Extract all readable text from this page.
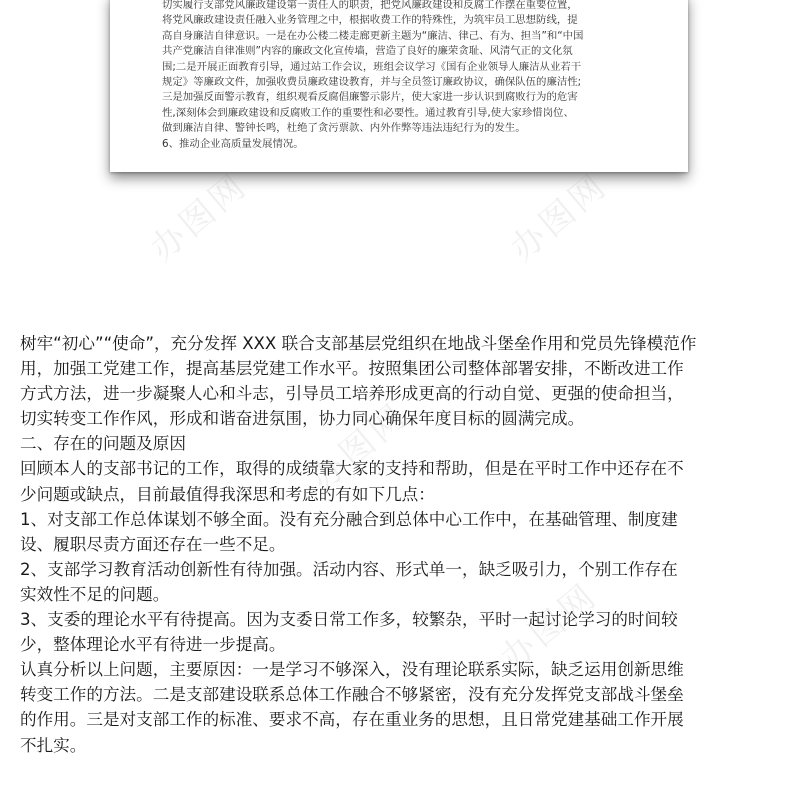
切实履行支部党风廉政建设第一责任人的职责，把党风廉政建设和反腐工作摆在重要位置，
将党风廉政建设责任融入业务管理之中，根据收费工作的特殊性，为筑牢员工思想防线，提
高自身廉洁自律意识。一是在办公楼二楼走廊更新主题为“廉洁、律己、有为、担当”和“中国
共产党廉洁自律准则”内容的廉政文化宣传墙，营造了良好的廉荣贪耻、风清气正的文化氛
围;二是开展正面教育引导，通过站工作会议，班组会议学习《国有企业领导人廉洁从业若干
规定》等廉政文件，加强收费员廉政建设教育，并与全员签订廉政协议，确保队伍的廉洁性;
三是加强反面警示教育，组织观看反腐倡廉警示影片，使大家进一步认识到腐败行为的危害
性,深刻体会到廉政建设和反腐败工作的重要性和必要性。通过教育引导,使大家珍惜岗位、
做到廉洁自律、警钟长鸣，杜绝了贪污票款、内外作弊等违法违纪行为的发生。
6、推动企业高质量发展情况。
树牢“初心”“使命”，充分发挥 XXX 联合支部基层党组织在地战斗堡垒作用和党员先锋模范作
用，加强工党建工作，提高基层党建工作水平。按照集团公司整体部署安排，不断改进工作
方式方法，进一步凝聚人心和斗志，引导员工培养形成更高的行动自觉、更强的使命担当，
切实转变工作作风，形成和谐奋进氛围，协力同心确保年度目标的圆满完成。
二、存在的问题及原因
回顾本人的支部书记的工作，取得的成绩靠大家的支持和帮助，但是在平时工作中还存在不
少问题或缺点，目前最值得我深思和考虑的有如下几点：
1、对支部工作总体谋划不够全面。没有充分融合到总体中心工作中，在基础管理、制度建
设、履职尽责方面还存在一些不足。
2、支部学习教育活动创新性有待加强。活动内容、形式单一，缺乏吸引力，个别工作存在
实效性不足的问题。
3、支委的理论水平有待提高。因为支委日常工作多，较繁杂，平时一起讨论学习的时间较
少，整体理论水平有待进一步提高。
认真分析以上问题，主要原因：一是学习不够深入，没有理论联系实际，缺乏运用创新思维
转变工作的方法。二是支部建设联系总体工作融合不够紧密，没有充分发挥党支部战斗堡垒
的作用。三是对支部工作的标准、要求不高，存在重业务的思想，且日常党建基础工作开展
不扎实。
办图网	办图网
办图网
办图网
